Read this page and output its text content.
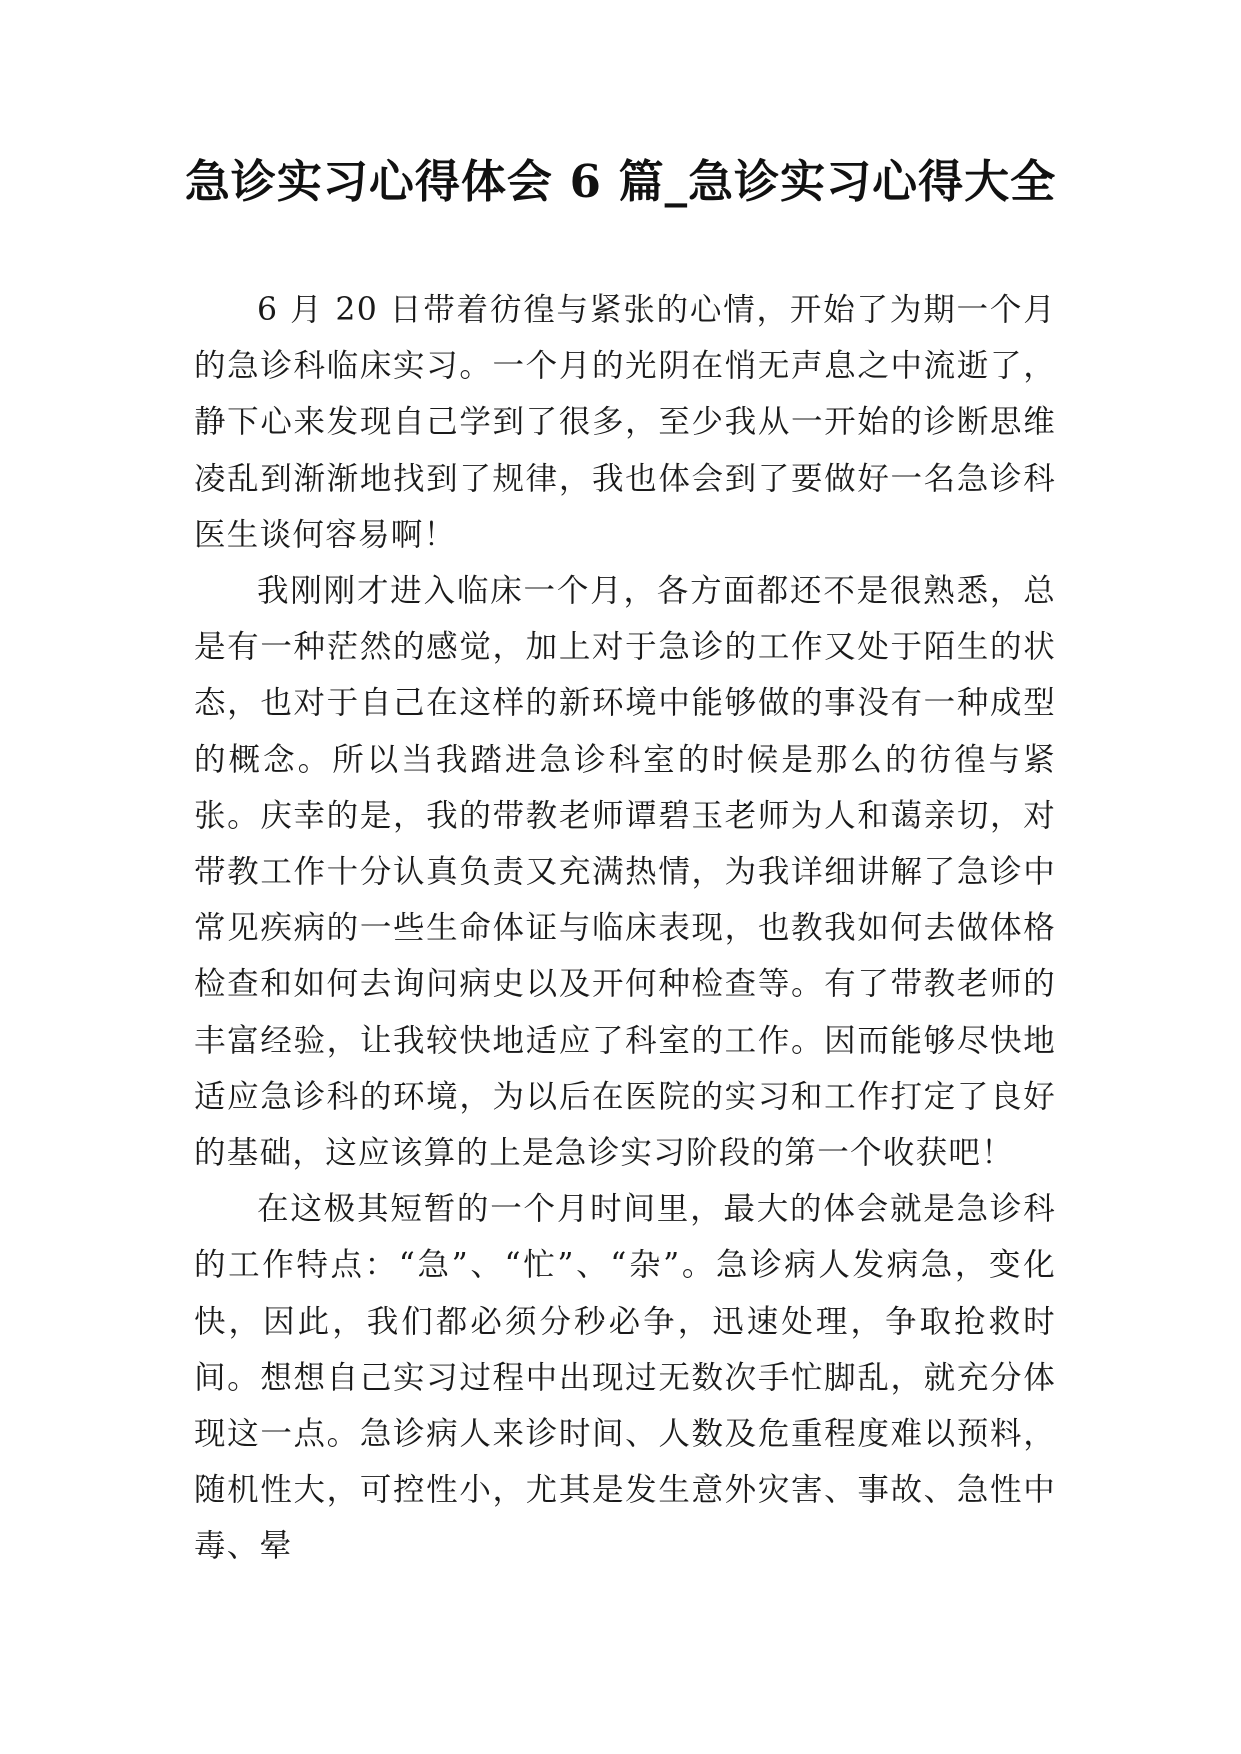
急诊实习心得体会 6 篇_急诊实习心得大全

6 月 20 日带着彷徨与紧张的心情，开始了为期一个月的急诊科临床实习。一个月的光阴在悄无声息之中流逝了，静下心来发现自己学到了很多，至少我从一开始的诊断思维凌乱到渐渐地找到了规律，我也体会到了要做好一名急诊科医生谈何容易啊！

我刚刚才进入临床一个月，各方面都还不是很熟悉，总是有一种茫然的感觉，加上对于急诊的工作又处于陌生的状态，也对于自己在这样的新环境中能够做的事没有一种成型的概念。所以当我踏进急诊科室的时候是那么的彷徨与紧张。庆幸的是，我的带教老师谭碧玉老师为人和蔼亲切，对带教工作十分认真负责又充满热情，为我详细讲解了急诊中常见疾病的一些生命体证与临床表现，也教我如何去做体格检查和如何去询问病史以及开何种检查等。有了带教老师的丰富经验，让我较快地适应了科室的工作。因而能够尽快地适应急诊科的环境，为以后在医院的实习和工作打定了良好的基础，这应该算的上是急诊实习阶段的第一个收获吧！

在这极其短暂的一个月时间里，最大的体会就是急诊科的工作特点：“急”、“忙”、“杂”。急诊病人发病急，变化快，因此，我们都必须分秒必争，迅速处理，争取抢救时间。想想自己实习过程中出现过无数次手忙脚乱，就充分体现这一点。急诊病人来诊时间、人数及危重程度难以预料，随机性大，可控性小，尤其是发生意外灾害、事故、急性中毒、晕
